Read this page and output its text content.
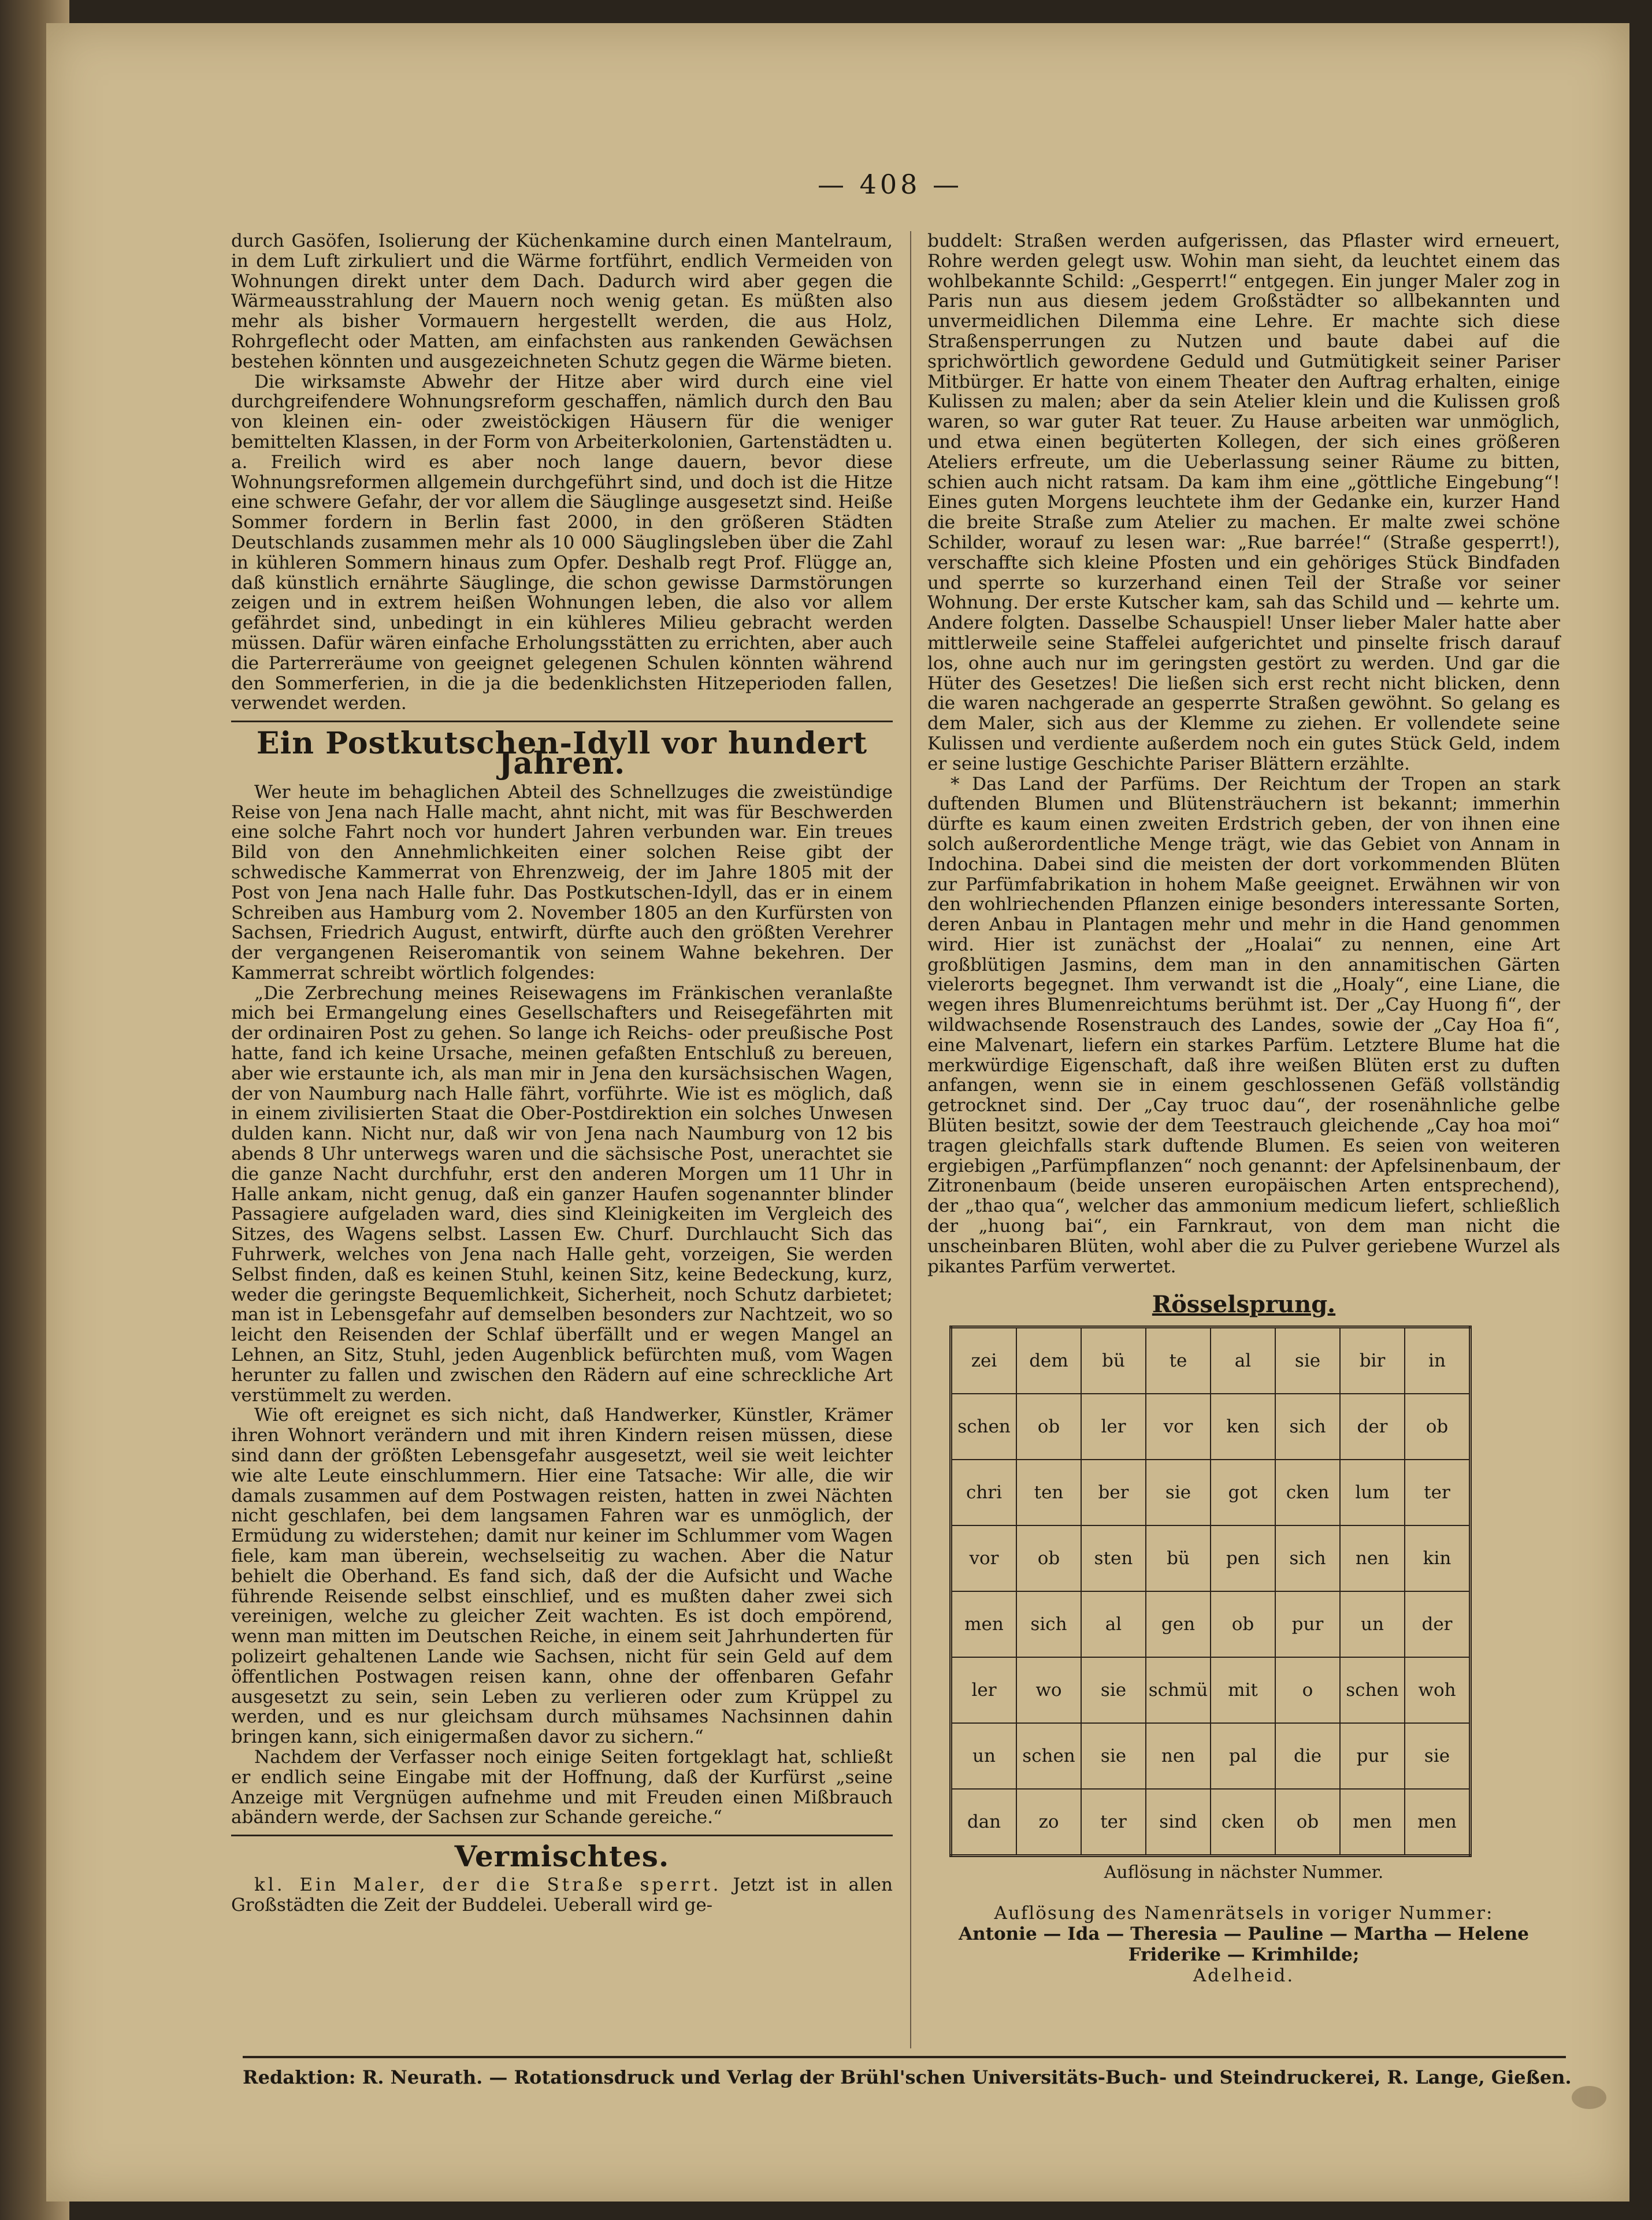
— 408 —

durch Gasöfen, Isolierung der Küchenkamine durch einen Mantelraum, in dem Luft zirkuliert und die Wärme fortführt, endlich Vermeiden von Wohnungen direkt unter dem Dach. Dadurch wird aber gegen die Wärmeausstrahlung der Mauern noch wenig getan. Es müßten also mehr als bisher Vormauern hergestellt werden, die aus Holz, Rohrgeflecht oder Matten, am einfachsten aus rankenden Gewächsen bestehen könnten und ausgezeichneten Schutz gegen die Wärme bieten.

Die wirksamste Abwehr der Hitze aber wird durch eine viel durchgreifendere Wohnungsreform geschaffen, nämlich durch den Bau von kleinen ein- oder zweistöckigen Häusern für die weniger bemittelten Klassen, in der Form von Arbeiterkolonien, Gartenstädten u. a. Freilich wird es aber noch lange dauern, bevor diese Wohnungsreformen allgemein durchgeführt sind, und doch ist die Hitze eine schwere Gefahr, der vor allem die Säuglinge ausgesetzt sind. Heiße Sommer fordern in Berlin fast 2000, in den größeren Städten Deutschlands zusammen mehr als 10 000 Säuglingsleben über die Zahl in kühleren Sommern hinaus zum Opfer. Deshalb regt Prof. Flügge an, daß künstlich ernährte Säuglinge, die schon gewisse Darmstörungen zeigen und in extrem heißen Wohnungen leben, die also vor allem gefährdet sind, unbedingt in ein kühleres Milieu gebracht werden müssen. Dafür wären einfache Erholungsstätten zu errichten, aber auch die Parterreräume von geeignet gelegenen Schulen könnten während den Sommerferien, in die ja die bedenklichsten Hitzeperioden fallen, verwendet werden.

Ein Postkutschen-Idyll vor hundert Jahren.

Wer heute im behaglichen Abteil des Schnellzuges die zweistündige Reise von Jena nach Halle macht, ahnt nicht, mit was für Beschwerden eine solche Fahrt noch vor hundert Jahren verbunden war. Ein treues Bild von den Annehmlichkeiten einer solchen Reise gibt der schwedische Kammerrat von Ehrenzweig, der im Jahre 1805 mit der Post von Jena nach Halle fuhr. Das Postkutschen-Idyll, das er in einem Schreiben aus Hamburg vom 2. November 1805 an den Kurfürsten von Sachsen, Friedrich August, entwirft, dürfte auch den größten Verehrer der vergangenen Reiseromantik von seinem Wahne bekehren. Der Kammerrat schreibt wörtlich folgendes:

„Die Zerbrechung meines Reisewagens im Fränkischen veranlaßte mich bei Ermangelung eines Gesellschafters und Reisegefährten mit der ordinairen Post zu gehen. So lange ich Reichs- oder preußische Post hatte, fand ich keine Ursache, meinen gefaßten Entschluß zu bereuen, aber wie erstaunte ich, als man mir in Jena den kursächsischen Wagen, der von Naumburg nach Halle fährt, vorführte. Wie ist es möglich, daß in einem zivilisierten Staat die Ober-Postdirektion ein solches Unwesen dulden kann. Nicht nur, daß wir von Jena nach Naumburg von 12 bis abends 8 Uhr unterwegs waren und die sächsische Post, unerachtet sie die ganze Nacht durchfuhr, erst den anderen Morgen um 11 Uhr in Halle ankam, nicht genug, daß ein ganzer Haufen sogenannter blinder Passagiere aufgeladen ward, dies sind Kleinigkeiten im Vergleich des Sitzes, des Wagens selbst. Lassen Ew. Churf. Durchlaucht Sich das Fuhrwerk, welches von Jena nach Halle geht, vorzeigen, Sie werden Selbst finden, daß es keinen Stuhl, keinen Sitz, keine Bedeckung, kurz, weder die geringste Bequemlichkeit, Sicherheit, noch Schutz darbietet; man ist in Lebensgefahr auf demselben besonders zur Nachtzeit, wo so leicht den Reisenden der Schlaf überfällt und er wegen Mangel an Lehnen, an Sitz, Stuhl, jeden Augenblick befürchten muß, vom Wagen herunter zu fallen und zwischen den Rädern auf eine schreckliche Art verstümmelt zu werden.

Wie oft ereignet es sich nicht, daß Handwerker, Künstler, Krämer ihren Wohnort verändern und mit ihren Kindern reisen müssen, diese sind dann der größten Lebensgefahr ausgesetzt, weil sie weit leichter wie alte Leute einschlummern. Hier eine Tatsache: Wir alle, die wir damals zusammen auf dem Postwagen reisten, hatten in zwei Nächten nicht geschlafen, bei dem langsamen Fahren war es unmöglich, der Ermüdung zu widerstehen; damit nur keiner im Schlummer vom Wagen fiele, kam man überein, wechselseitig zu wachen. Aber die Natur behielt die Oberhand. Es fand sich, daß der die Aufsicht und Wache führende Reisende selbst einschlief, und es mußten daher zwei sich vereinigen, welche zu gleicher Zeit wachten. Es ist doch empörend, wenn man mitten im Deutschen Reiche, in einem seit Jahrhunderten für polizeirt gehaltenen Lande wie Sachsen, nicht für sein Geld auf dem öffentlichen Postwagen reisen kann, ohne der offenbaren Gefahr ausgesetzt zu sein, sein Leben zu verlieren oder zum Krüppel zu werden, und es nur gleichsam durch mühsames Nachsinnen dahin bringen kann, sich einigermaßen davor zu sichern.“

Nachdem der Verfasser noch einige Seiten fortgeklagt hat, schließt er endlich seine Eingabe mit der Hoffnung, daß der Kurfürst „seine Anzeige mit Vergnügen aufnehme und mit Freuden einen Mißbrauch abändern werde, der Sachsen zur Schande gereiche.“

Vermischtes.

kl. Ein Maler, der die Straße sperrt. Jetzt ist in allen Großstädten die Zeit der Buddelei. Ueberall wird ge-

buddelt: Straßen werden aufgerissen, das Pflaster wird erneuert, Rohre werden gelegt usw. Wohin man sieht, da leuchtet einem das wohlbekannte Schild: „Gesperrt!“ entgegen. Ein junger Maler zog in Paris nun aus diesem jedem Großstädter so allbekannten und unvermeidlichen Dilemma eine Lehre. Er machte sich diese Straßensperrungen zu Nutzen und baute dabei auf die sprichwörtlich gewordene Geduld und Gutmütigkeit seiner Pariser Mitbürger. Er hatte von einem Theater den Auftrag erhalten, einige Kulissen zu malen; aber da sein Atelier klein und die Kulissen groß waren, so war guter Rat teuer. Zu Hause arbeiten war unmöglich, und etwa einen begüterten Kollegen, der sich eines größeren Ateliers erfreute, um die Ueberlassung seiner Räume zu bitten, schien auch nicht ratsam. Da kam ihm eine „göttliche Eingebung“! Eines guten Morgens leuchtete ihm der Gedanke ein, kurzer Hand die breite Straße zum Atelier zu machen. Er malte zwei schöne Schilder, worauf zu lesen war: „Rue barrée!“ (Straße gesperrt!), verschaffte sich kleine Pfosten und ein gehöriges Stück Bindfaden und sperrte so kurzerhand einen Teil der Straße vor seiner Wohnung. Der erste Kutscher kam, sah das Schild und — kehrte um. Andere folgten. Dasselbe Schauspiel! Unser lieber Maler hatte aber mittlerweile seine Staffelei aufgerichtet und pinselte frisch darauf los, ohne auch nur im geringsten gestört zu werden. Und gar die Hüter des Gesetzes! Die ließen sich erst recht nicht blicken, denn die waren nachgerade an gesperrte Straßen gewöhnt. So gelang es dem Maler, sich aus der Klemme zu ziehen. Er vollendete seine Kulissen und verdiente außerdem noch ein gutes Stück Geld, indem er seine lustige Geschichte Pariser Blättern erzählte.

* Das Land der Parfüms. Der Reichtum der Tropen an stark duftenden Blumen und Blütensträuchern ist bekannt; immerhin dürfte es kaum einen zweiten Erdstrich geben, der von ihnen eine solch außerordentliche Menge trägt, wie das Gebiet von Annam in Indochina. Dabei sind die meisten der dort vorkommenden Blüten zur Parfümfabrikation in hohem Maße geeignet. Erwähnen wir von den wohlriechenden Pflanzen einige besonders interessante Sorten, deren Anbau in Plantagen mehr und mehr in die Hand genommen wird. Hier ist zunächst der „Hoalai“ zu nennen, eine Art großblütigen Jasmins, dem man in den annamitischen Gärten vielerorts begegnet. Ihm verwandt ist die „Hoaly“, eine Liane, die wegen ihres Blumenreichtums berühmt ist. Der „Cay Huong fi“, der wildwachsende Rosenstrauch des Landes, sowie der „Cay Hoa fi“, eine Malvenart, liefern ein starkes Parfüm. Letztere Blume hat die merkwürdige Eigenschaft, daß ihre weißen Blüten erst zu duften anfangen, wenn sie in einem geschlossenen Gefäß vollständig getrocknet sind. Der „Cay truoc dau“, der rosenähnliche gelbe Blüten besitzt, sowie der dem Teestrauch gleichende „Cay hoa moi“ tragen gleichfalls stark duftende Blumen. Es seien von weiteren ergiebigen „Parfümpflanzen“ noch genannt: der Apfelsinenbaum, der Zitronenbaum (beide unseren europäischen Arten entsprechend), der „thao qua“, welcher das ammonium medicum liefert, schließlich der „huong bai“, ein Farnkraut, von dem man nicht die unscheinbaren Blüten, wohl aber die zu Pulver geriebene Wurzel als pikantes Parfüm verwertet.

Rösselsprung.
zei	dem	bü	te	al	sie	bir	in
schen	ob	ler	vor	ken	sich	der	ob
chri	ten	ber	sie	got	cken	lum	ter
vor	ob	sten	bü	pen	sich	nen	kin
men	sich	al	gen	ob	pur	un	der
ler	wo	sie	schmü	mit	o	schen	woh
un	schen	sie	nen	pal	die	pur	sie
dan	zo	ter	sind	cken	ob	men	men
Auflösung in nächster Nummer.
Auflösung des Namenrätsels in voriger Nummer:
Antonie — Ida — Theresia — Pauline — Martha — Helene
Friderike — Krimhilde;
Adelheid.
Redaktion: R. Neurath. — Rotationsdruck und Verlag der Brühl'schen Universitäts-Buch- und Steindruckerei, R. Lange, Gießen.
